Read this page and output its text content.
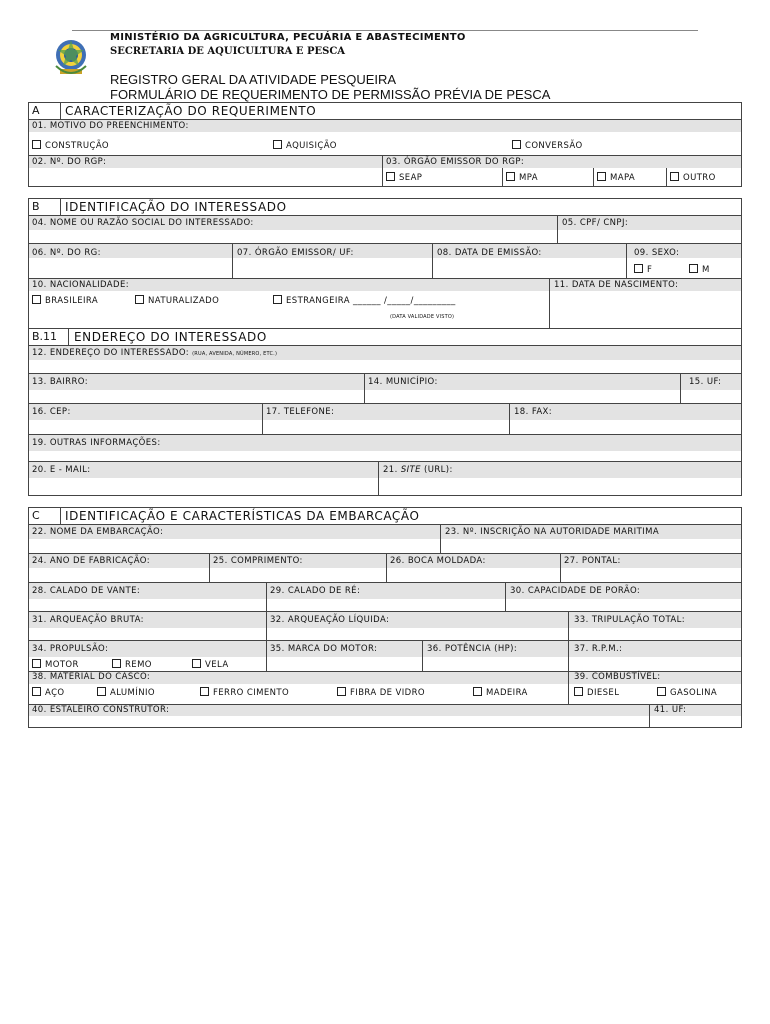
MINISTÉRIO DA AGRICULTURA, PECUÁRIA E ABASTECIMENTO
SECRETARIA DE AQUICULTURA E PESCA
REGISTRO GERAL DA ATIVIDADE PESQUEIRA
FORMULÁRIO DE REQUERIMENTO DE PERMISSÃO PRÉVIA DE PESCA
A	CARACTERIZAÇÃO DO REQUERIMENTO
01. MOTIVO DO PREENCHIMENTO:
CONSTRUÇÃO	AQUISIÇÃO	CONVERSÃO
02. Nº. DO RGP:	03. ÓRGÃO EMISSOR DO RGP:
SEAP	MPA	MAPA	OUTRO
B	IDENTIFICAÇÃO DO INTERESSADO
04. NOME OU RAZÃO SOCIAL DO INTERESSADO:	05. CPF/ CNPJ:
06. Nº. DO RG:	07. ÓRGÃO EMISSOR/ UF:	08. DATA DE EMISSÃO:	09. SEXO:
F	M
10. NACIONALIDADE:
BRASILEIRA	NATURALIZADO	ESTRANGEIRA ______ /_____/_________
(DATA VALIDADE VISTO)
11. DATA DE NASCIMENTO:
B.11	ENDEREÇO DO INTERESSADO
12. ENDEREÇO DO INTERESSADO: (RUA, AVENIDA, NÚMERO, ETC.)
13. BAIRRO:	14. MUNICÍPIO:	15. UF:
16. CEP:	17. TELEFONE:	18. FAX:
19. OUTRAS INFORMAÇÕES:
20. E - MAIL:	21. SITE (URL):
C	IDENTIFICAÇÃO E CARACTERÍSTICAS DA EMBARCAÇÃO
22. NOME DA EMBARCAÇÃO:	23. Nº. INSCRIÇÃO NA AUTORIDADE MARITIMA
24. ANO DE FABRICAÇÃO:	25. COMPRIMENTO:	26. BOCA MOLDADA:	27. PONTAL:
28. CALADO DE VANTE:	29. CALADO DE RÉ:	30. CAPACIDADE DE PORÃO:
31. ARQUEAÇÃO BRUTA:	32. ARQUEAÇÃO LÍQUIDA:	33. TRIPULAÇÃO TOTAL:
34. PROPULSÃO:
MOTOR	REMO	VELA
35. MARCA DO MOTOR:	36. POTÊNCIA (HP):	37. R.P.M.:
38. MATERIAL DO CASCO:
AÇO	ALUMÍNIO	FERRO CIMENTO	FIBRA DE VIDRO	MADEIRA
39. COMBUSTÍVEL:
DIESEL	GASOLINA
40. ESTALEIRO CONSTRUTOR:	41. UF:
